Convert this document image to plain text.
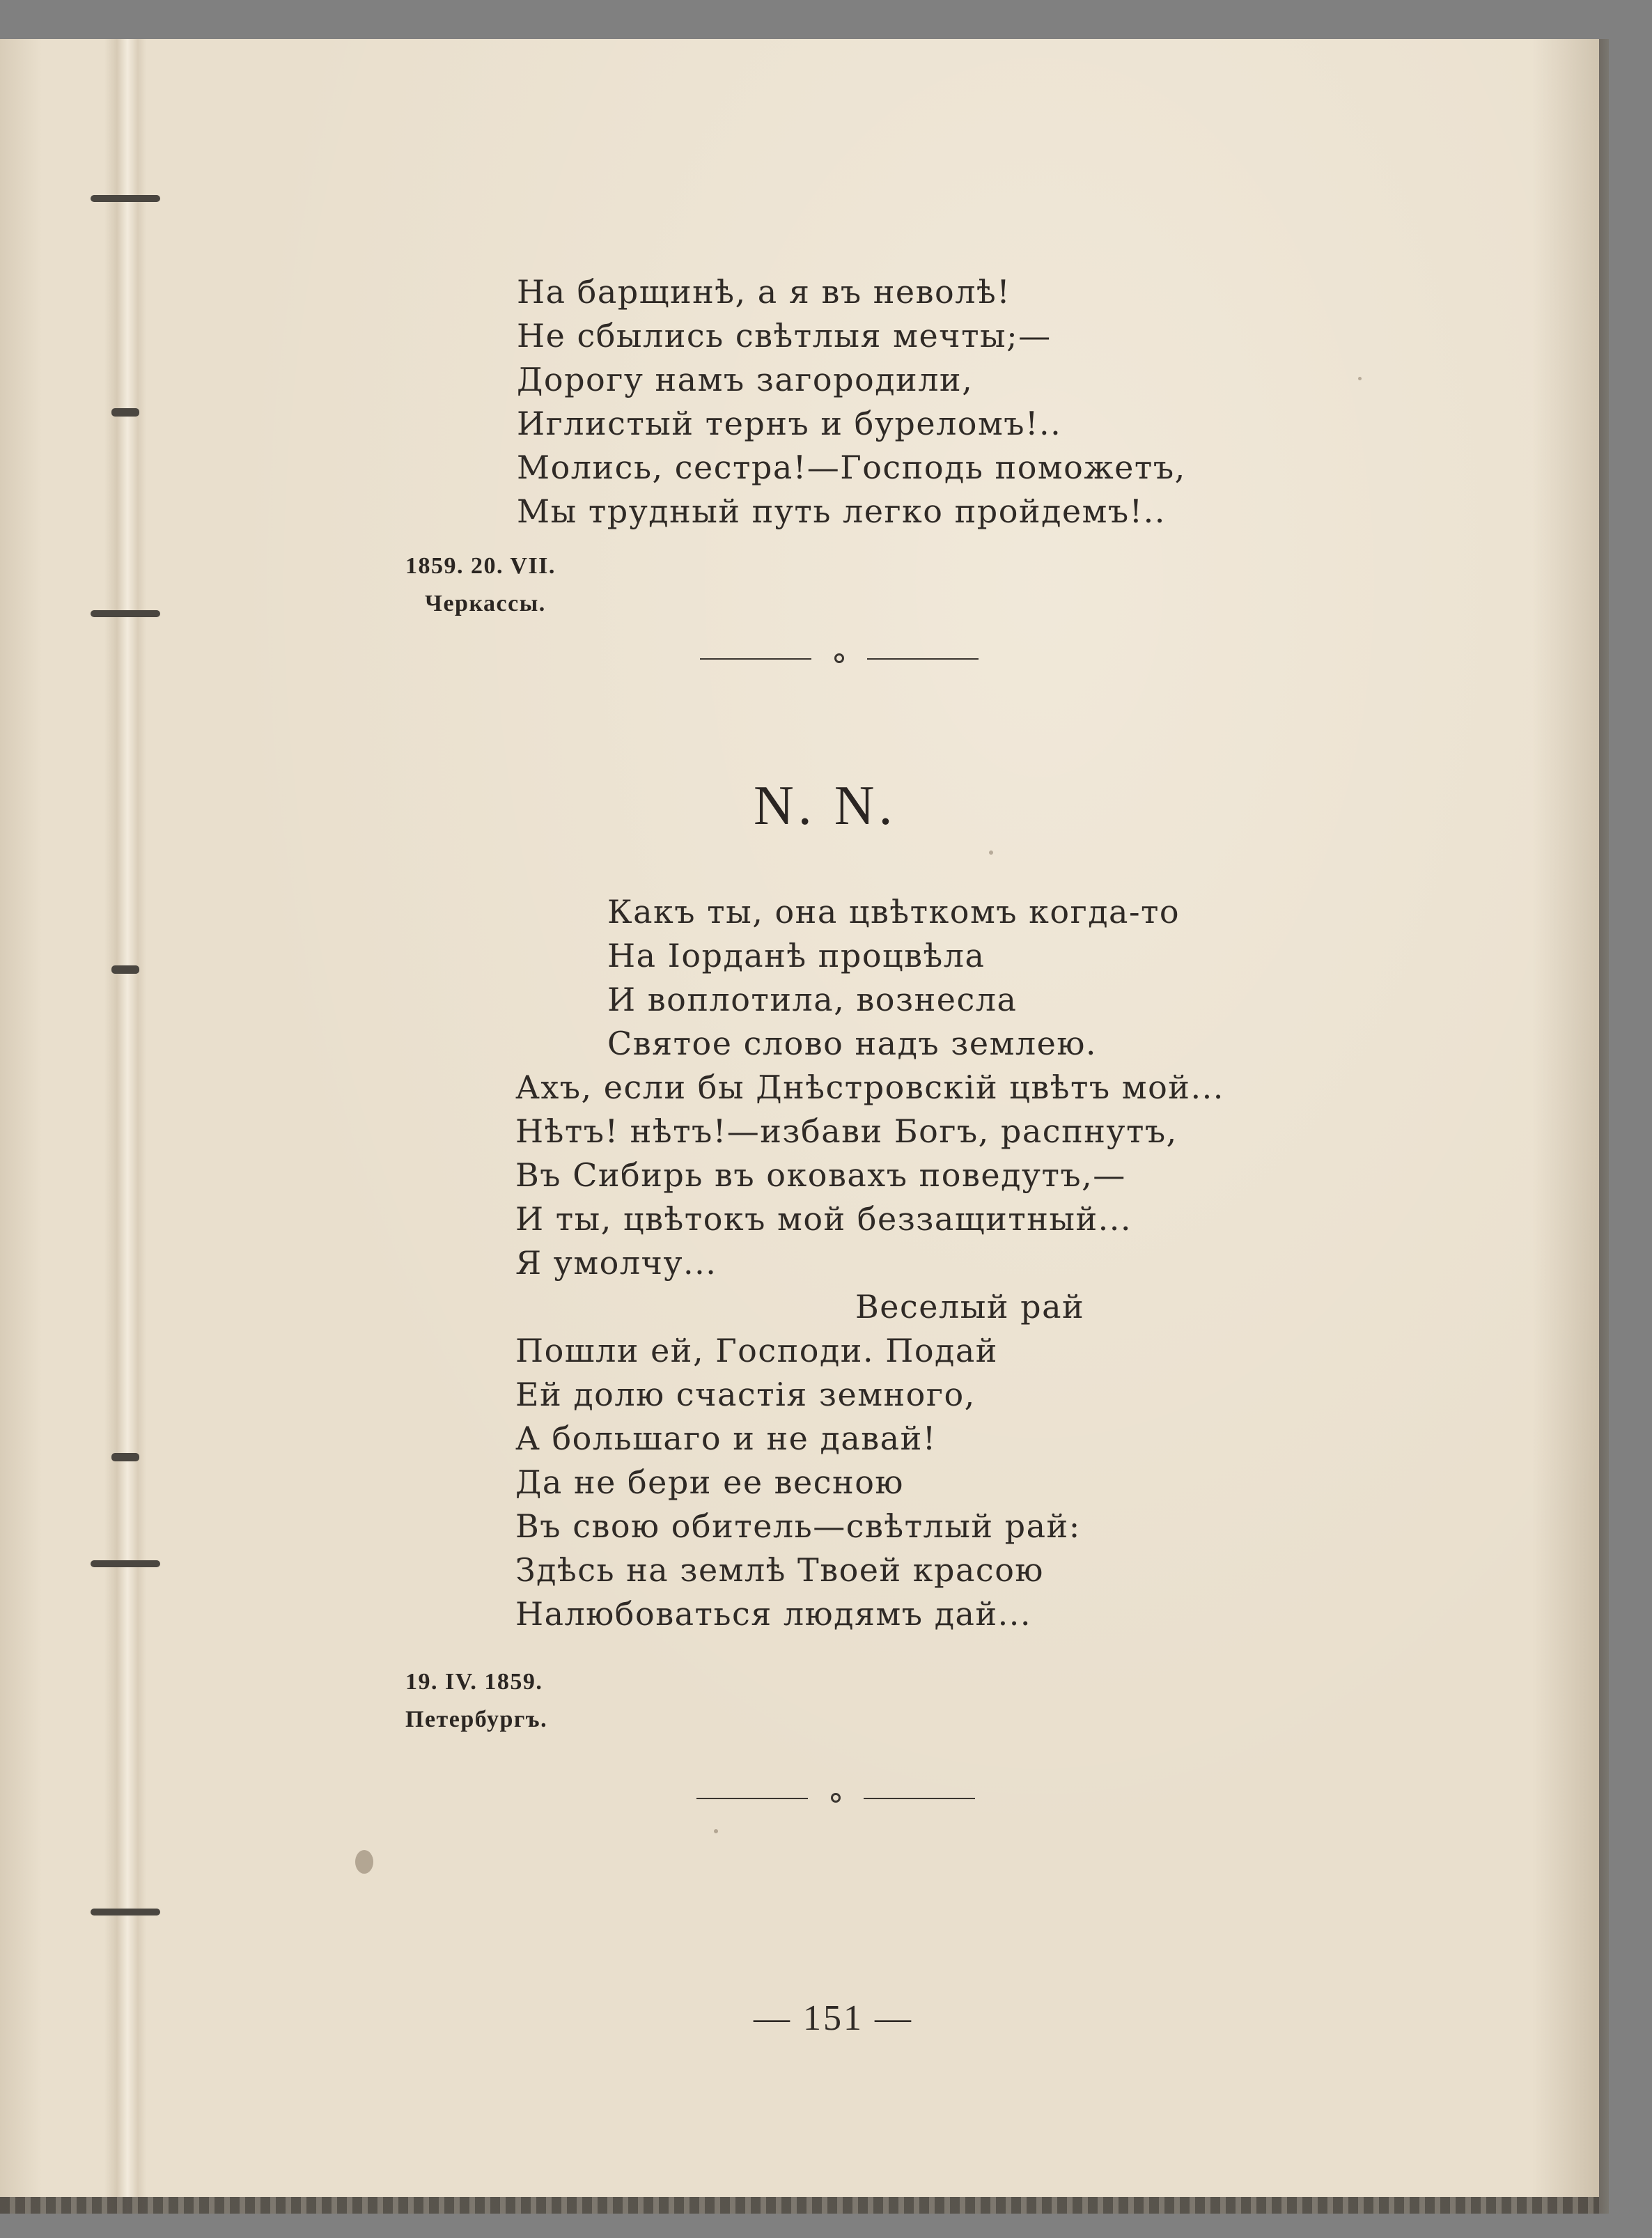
На барщинѣ, а я въ неволѣ!
Не сбылись свѣтлыя мечты;—
Дорогу намъ загородили,
Иглистый тернъ и буреломъ!..
Молись, сестра!—Господь поможетъ,
Мы трудный путь легко пройдемъ!..
1859. 20. VII.
Черкассы.
N. N.
Какъ ты, она цвѣткомъ когда-то
На Іорданѣ процвѣла
И воплотила, вознесла
Святое слово надъ землею.
Ахъ, если бы Днѣстровскій цвѣтъ мой...
Нѣтъ! нѣтъ!—избави Богъ, распнутъ,
Въ Сибирь въ оковахъ поведутъ,—
И ты, цвѣтокъ мой беззащитный...
Я умолчу...
Веселый рай
Пошли ей, Господи. Подай
Ей долю счастія земного,
А большаго и не давай!
Да не бери ее весною
Въ свою обитель—свѣтлый рай:
Здѣсь на землѣ Твоей красою
Налюбоваться людямъ дай...
19. IV. 1859.
Петербургъ.
— 151 —
